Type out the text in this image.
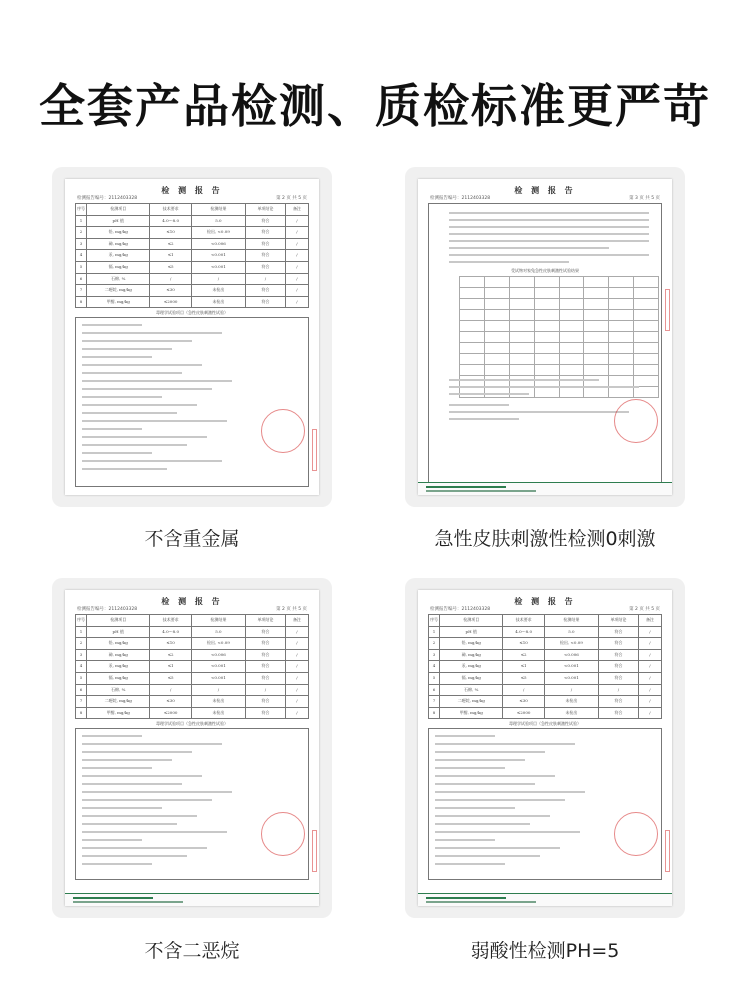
全套产品检测、质检标准更严苛
检 测 报 告
检测报告编号：2112403328	第 2 页 共 5 页
序号	检测项目	技术要求	检测结果	单项结论	备注
1	pH 值	4.0～8.0	5.0	符合	/
2	铅, mg/kg	≤10	检出, <0.09	符合	/
3	砷, mg/kg	≤2	<0.006	符合	/
4	汞, mg/kg	≤1	<0.001	符合	/
5	镉, mg/kg	≤5	<0.001	符合	/
6	石棉, %	/	/	/	/
7	二噁烷, mg/kg	≤30	未检出	符合	/
8	甲醇, mg/kg	≤2000	未检出	符合	/
毒理学试验项目（急性皮肤刺激性试验）
检 测 报 告
检测报告编号：2112403328	第 3 页 共 5 页
受试物对家兔急性皮肤刺激性试验结果

检 测 报 告
检测报告编号：2112403328	第 2 页 共 5 页
序号	检测项目	技术要求	检测结果	单项结论	备注
1	pH 值	4.0～8.0	5.0	符合	/
2	铅, mg/kg	≤10	检出, <0.09	符合	/
3	砷, mg/kg	≤2	<0.006	符合	/
4	汞, mg/kg	≤1	<0.001	符合	/
5	镉, mg/kg	≤5	<0.001	符合	/
6	石棉, %	/	/	/	/
7	二噁烷, mg/kg	≤30	未检出	符合	/
8	甲醇, mg/kg	≤2000	未检出	符合	/
毒理学试验项目（急性皮肤刺激性试验）
检 测 报 告
检测报告编号：2112403328	第 2 页 共 5 页
序号	检测项目	技术要求	检测结果	单项结论	备注
1	pH 值	4.0～8.0	5.0	符合	/
2	铅, mg/kg	≤10	检出, <0.09	符合	/
3	砷, mg/kg	≤2	<0.006	符合	/
4	汞, mg/kg	≤1	<0.001	符合	/
5	镉, mg/kg	≤5	<0.001	符合	/
6	石棉, %	/	/	/	/
7	二噁烷, mg/kg	≤30	未检出	符合	/
8	甲醇, mg/kg	≤2000	未检出	符合	/
毒理学试验项目（急性皮肤刺激性试验）
不含重金属	急性皮肤刺激性检测0刺激
不含二恶烷	弱酸性检测PH=5
